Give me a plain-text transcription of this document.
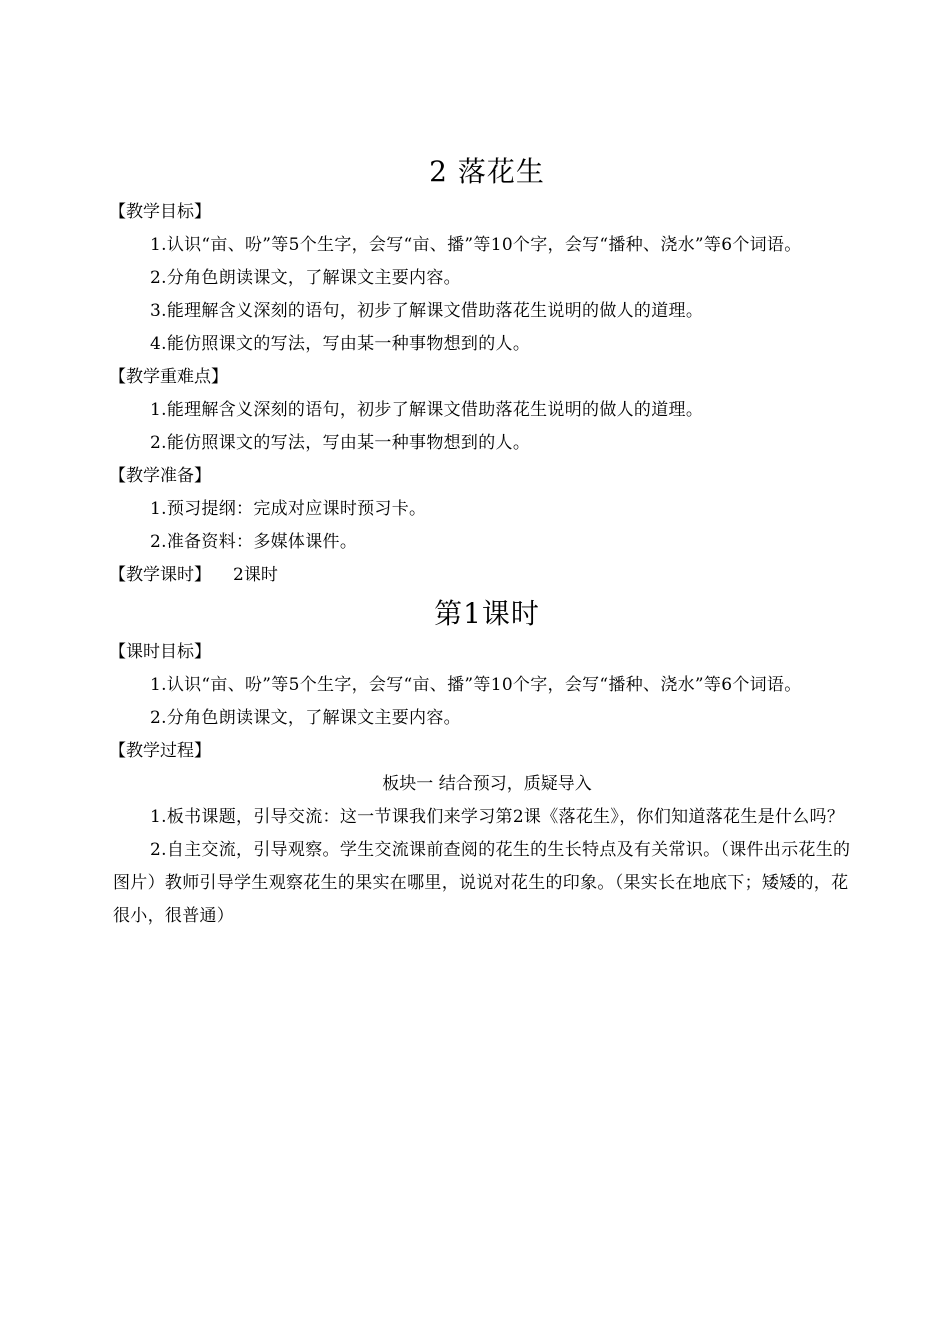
2 落花生
【教学目标】

1.认识“亩、吩”等5个生字，会写“亩、播”等10个字，会写“播种、浇水”等6个词语。

2.分角色朗读课文，了解课文主要内容。

3.能理解含义深刻的语句，初步了解课文借助落花生说明的做人的道理。

4.能仿照课文的写法，写由某一种事物想到的人。

【教学重难点】

1.能理解含义深刻的语句，初步了解课文借助落花生说明的做人的道理。

2.能仿照课文的写法，写由某一种事物想到的人。

【教学准备】

1.预习提纲：完成对应课时预习卡。

2.准备资料：多媒体课件。

【教学课时】 2课时
第1课时
【课时目标】

1.认识“亩、吩”等5个生字，会写“亩、播”等10个字，会写“播种、浇水”等6个词语。

2.分角色朗读课文，了解课文主要内容。

【教学过程】
板块一 结合预习，质疑导入

1.板书课题，引导交流：这一节课我们来学习第2课《落花生》，你们知道落花生是什么吗？

2.自主交流，引导观察。学生交流课前查阅的花生的生长特点及有关常识。（课件出示花生的图片）教师引导学生观察花生的果实在哪里，说说对花生的印象。（果实长在地底下；矮矮的，花很小，很普通）
